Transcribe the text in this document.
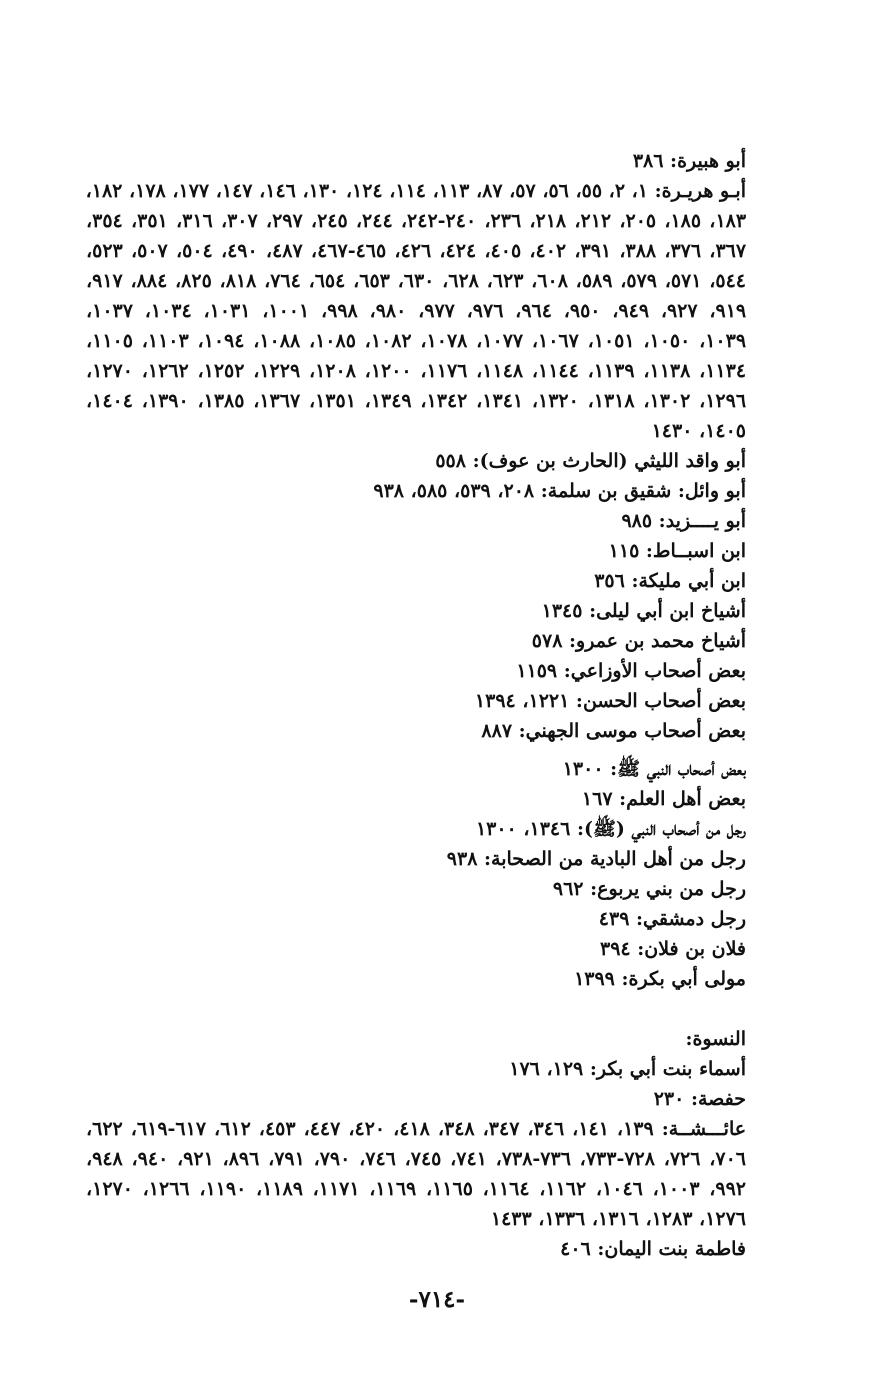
أبو هبيرة: ٣٨٦
أبـو هريـرة: ١، ٢، ٥٥، ٥٦، ٥٧، ٨٧، ١١٣، ١١٤، ١٢٤، ١٣٠، ١٤٦، ١٤٧، ١٧٧، ١٧٨، ١٨٢،
١٨٣، ١٨٥، ٢٠٥، ٢١٢، ٢١٨، ٢٣٦، ٢٤٠-٢٤٢، ٢٤٤، ٢٤٥، ٢٩٧، ٣٠٧، ٣١٦، ٣٥١، ٣٥٤،
٣٦٧، ٣٧٦، ٣٨٨، ٣٩١، ٤٠٢، ٤٠٥، ٤٢٤، ٤٢٦، ٤٦٥-٤٦٧، ٤٨٧، ٤٩٠، ٥٠٤، ٥٠٧، ٥٢٣،
٥٤٤، ٥٧١، ٥٧٩، ٥٨٩، ٦٠٨، ٦٢٣، ٦٢٨، ٦٣٠، ٦٥٣، ٦٥٤، ٧٦٤، ٨١٨، ٨٢٥، ٨٨٤، ٩١٧،
٩١٩، ٩٢٧، ٩٤٩، ٩٥٠، ٩٦٤، ٩٧٦، ٩٧٧، ٩٨٠، ٩٩٨، ١٠٠١، ١٠٣١، ١٠٣٤، ١٠٣٧،
١٠٣٩، ١٠٥٠، ١٠٥١، ١٠٦٧، ١٠٧٧، ١٠٧٨، ١٠٨٢، ١٠٨٥، ١٠٨٨، ١٠٩٤، ١١٠٣، ١١٠٥،
١١٣٤، ١١٣٨، ١١٣٩، ١١٤٤، ١١٤٨، ١١٧٦، ١٢٠٠، ١٢٠٨، ١٢٢٩، ١٢٥٢، ١٢٦٢، ١٢٧٠،
١٢٩٦، ١٣٠٢، ١٣١٨، ١٣٢٠، ١٣٤١، ١٣٤٢، ١٣٤٩، ١٣٥١، ١٣٦٧، ١٣٨٥، ١٣٩٠، ١٤٠٤،
١٤٠٥، ١٤٣٠
أبو واقد الليثي (الحارث بن عوف): ٥٥٨
أبو وائل: شقيق بن سلمة: ٢٠٨، ٥٣٩، ٥٨٥، ٩٣٨
أبو يــــزيد: ٩٨٥
ابن اسبــاط: ١١٥
ابن أبي مليكة: ٣٥٦
أشياخ ابن أبي ليلى: ١٣٤٥
أشياخ محمد بن عمرو: ٥٧٨
بعض أصحاب الأوزاعي: ١١٥٩
بعض أصحاب الحسن: ١٢٢١، ١٣٩٤
بعض أصحاب موسى الجهني: ٨٨٧
بعض أصحاب النبي ﷺ: ١٣٠٠
بعض أهل العلم: ١٦٧
رجل من أصحاب النبي (ﷺ): ١٣٤٦، ١٣٠٠
رجل من أهل البادية من الصحابة: ٩٣٨
رجل من بني يربوع: ٩٦٢
رجل دمشقي: ٤٣٩
فلان بن فلان: ٣٩٤
مولى أبي بكرة: ١٣٩٩
النسوة:
أسماء بنت أبي بكر: ١٢٩، ١٧٦
حفصة: ٢٣٠
عائـــشــة: ١٣٩، ١٤١، ٣٤٦، ٣٤٧، ٣٤٨، ٤١٨، ٤٢٠، ٤٤٧، ٤٥٣، ٦١٢، ٦١٧-٦١٩، ٦٢٢،
٧٠٦، ٧٢٦، ٧٢٨-٧٣٣، ٧٣٦-٧٣٨، ٧٤١، ٧٤٥، ٧٤٦، ٧٩٠، ٧٩١، ٨٩٦، ٩٢١، ٩٤٠، ٩٤٨،
٩٩٢، ١٠٠٣، ١٠٤٦، ١١٦٢، ١١٦٤، ١١٦٥، ١١٦٩، ١١٧١، ١١٨٩، ١١٩٠، ١٢٦٦، ١٢٧٠،
١٢٧٦، ١٢٨٣، ١٣١٦، ١٣٣٦، ١٤٣٣
فاطمة بنت اليمان: ٤٠٦
-٧١٤-
